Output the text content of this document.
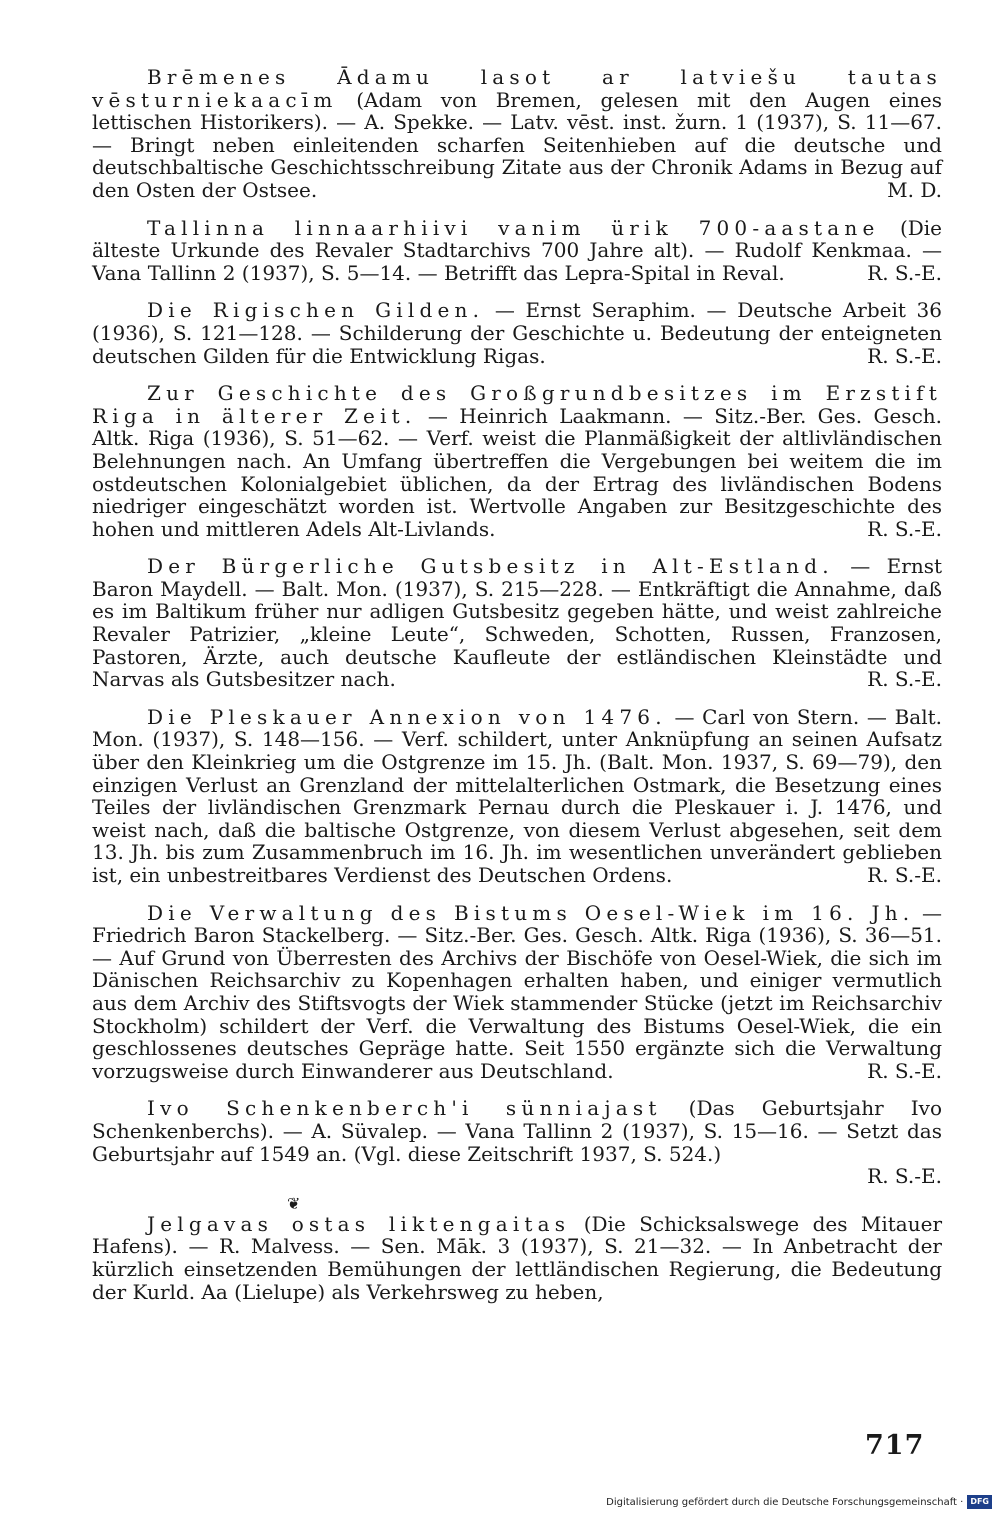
Brēmenes Ādamu lasot ar latviešu tautas vēsturniekaacīm (Adam von Bremen, gelesen mit den Augen eines lettischen Historikers). — A. Spekke. — Latv. vēst. inst. žurn. 1 (1937), S. 11—67. — Bringt neben einleitenden scharfen Seitenhieben auf die deutsche und deutschbaltische Geschichtsschreibung Zitate aus der Chronik Adams in Bezug auf den Osten der Ostsee.	M. D.

Tallinna linnaarhiivi vanim ürik 700-aastane (Die älteste Urkunde des Revaler Stadtarchivs 700 Jahre alt). — Rudolf Kenkmaa. — Vana Tallinn 2 (1937), S. 5—14. — Betrifft das Lepra-Spital in Reval.	R. S.-E.

Die Rigischen Gilden. — Ernst Seraphim. — Deutsche Arbeit 36 (1936), S. 121—128. — Schilderung der Geschichte u. Bedeutung der enteigneten deutschen Gilden für die Entwicklung Rigas.	R. S.-E.

Zur Geschichte des Großgrundbesitzes im Erzstift Riga in älterer Zeit. — Heinrich Laakmann. — Sitz.-Ber. Ges. Gesch. Altk. Riga (1936), S. 51—62. — Verf. weist die Planmäßigkeit der altlivländischen Belehnungen nach. An Umfang übertreffen die Vergebungen bei weitem die im ostdeutschen Kolonialgebiet üblichen, da der Ertrag des livländischen Bodens niedriger eingeschätzt worden ist. Wertvolle Angaben zur Besitzgeschichte des hohen und mittleren Adels Alt-Livlands.	R. S.-E.

Der Bürgerliche Gutsbesitz in Alt-Estland. — Ernst Baron Maydell. — Balt. Mon. (1937), S. 215—228. — Entkräftigt die Annahme, daß es im Baltikum früher nur adligen Gutsbesitz gegeben hätte, und weist zahlreiche Revaler Patrizier, „kleine Leute“, Schweden, Schotten, Russen, Franzosen, Pastoren, Ärzte, auch deutsche Kaufleute der estländischen Kleinstädte und Narvas als Gutsbesitzer nach.	R. S.-E.

Die Pleskauer Annexion von 1476. — Carl von Stern. — Balt. Mon. (1937), S. 148—156. — Verf. schildert, unter Anknüpfung an seinen Aufsatz über den Kleinkrieg um die Ostgrenze im 15. Jh. (Balt. Mon. 1937, S. 69—79), den einzigen Verlust an Grenzland der mittelalterlichen Ostmark, die Besetzung eines Teiles der livländischen Grenzmark Pernau durch die Pleskauer i. J. 1476, und weist nach, daß die baltische Ostgrenze, von diesem Verlust abgesehen, seit dem 13. Jh. bis zum Zusammenbruch im 16. Jh. im wesentlichen unverändert geblieben ist, ein unbestreitbares Verdienst des Deutschen Ordens.	R. S.-E.

Die Verwaltung des Bistums Oesel-Wiek im 16. Jh. — Friedrich Baron Stackelberg. — Sitz.-Ber. Ges. Gesch. Altk. Riga (1936), S. 36—51. — Auf Grund von Überresten des Archivs der Bischöfe von Oesel-Wiek, die sich im Dänischen Reichsarchiv zu Kopenhagen erhalten haben, und einiger vermutlich aus dem Archiv des Stiftsvogts der Wiek stammender Stücke (jetzt im Reichsarchiv Stockholm) schildert der Verf. die Verwaltung des Bistums Oesel-Wiek, die ein geschlossenes deutsches Gepräge hatte. Seit 1550 ergänzte sich die Verwaltung vorzugsweise durch Einwanderer aus Deutschland.	R. S.-E.

Ivo Schenkenberch'i sünniajast (Das Geburtsjahr Ivo Schenkenberchs). — A. Süvalep. — Vana Tallinn 2 (1937), S. 15—16. — Setzt das Geburtsjahr auf 1549 an. (Vgl. diese Zeitschrift 1937, S. 524.)
R. S.-E.

❦

Jelgavas ostas liktengaitas (Die Schicksalswege des Mitauer Hafens). — R. Malvess. — Sen. Māk. 3 (1937), S. 21—32. — In Anbetracht der kürzlich einsetzenden Bemühungen der lettländischen Regierung, die Bedeutung der Kurld. Aa (Lielupe) als Verkehrsweg zu heben,

717
Digitalisierung gefördert durch die Deutsche Forschungsgemeinschaft · DFG
